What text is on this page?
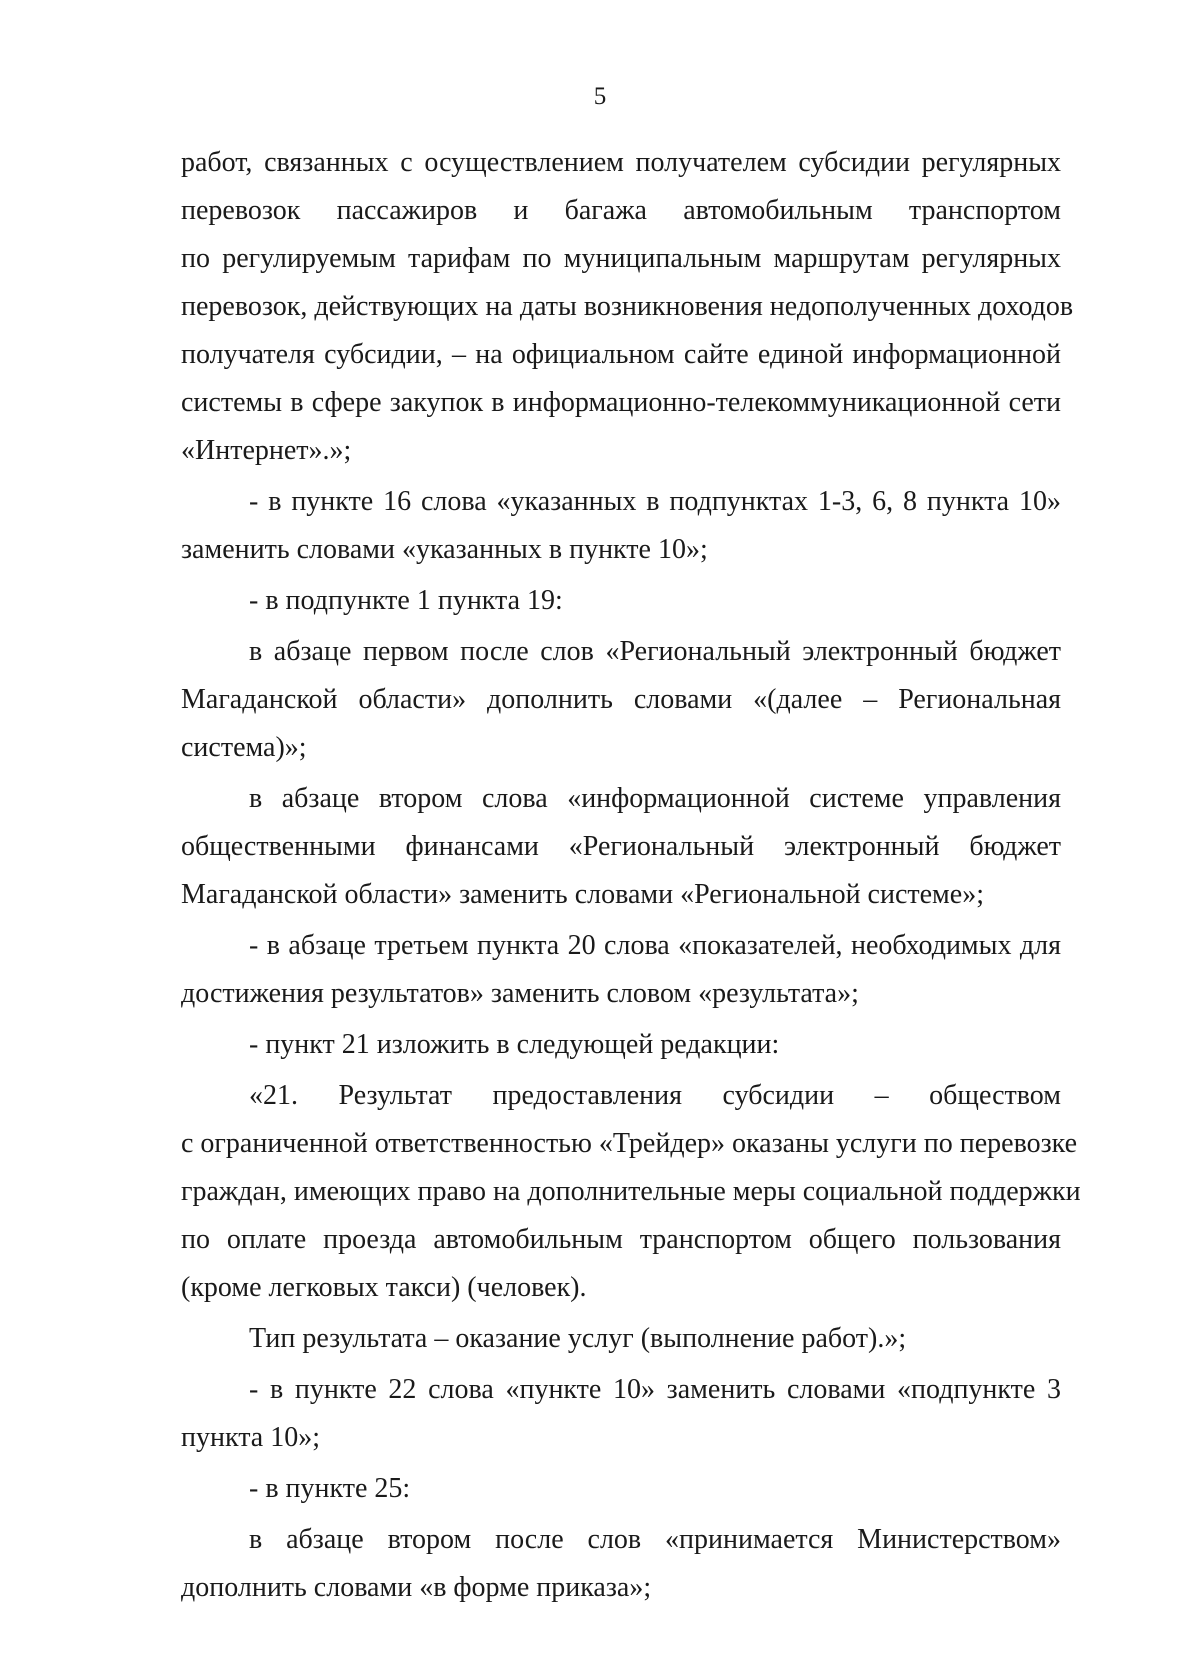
5
работ, связанных с осуществлением получателем субсидии регулярных
перевозок пассажиров и багажа автомобильным транспортом
по регулируемым тарифам по муниципальным маршрутам регулярных
перевозок, действующих на даты возникновения недополученных доходов
получателя субсидии, – на официальном сайте единой информационной
системы в сфере закупок в информационно-телекоммуникационной сети
«Интернет».»;
- в пункте 16 слова «указанных в подпунктах 1-3, 6, 8 пункта 10»
заменить словами «указанных в пункте 10»;
- в подпункте 1 пункта 19:
в абзаце первом после слов «Региональный электронный бюджет
Магаданской области» дополнить словами «(далее – Региональная
система)»;
в абзаце втором слова «информационной системе управления
общественными финансами «Региональный электронный бюджет
Магаданской области» заменить словами «Региональной системе»;
- в абзаце третьем пункта 20 слова «показателей, необходимых для
достижения результатов» заменить словом «результата»;
- пункт 21 изложить в следующей редакции:
«21. Результат предоставления субсидии – обществом
с ограниченной ответственностью «Трейдер» оказаны услуги по перевозке
граждан, имеющих право на дополнительные меры социальной поддержки
по оплате проезда автомобильным транспортом общего пользования
(кроме легковых такси) (человек).
Тип результата – оказание услуг (выполнение работ).»;
- в пункте 22 слова «пункте 10» заменить словами «подпункте 3
пункта 10»;
- в пункте 25:
в абзаце втором после слов «принимается Министерством»
дополнить словами «в форме приказа»;
